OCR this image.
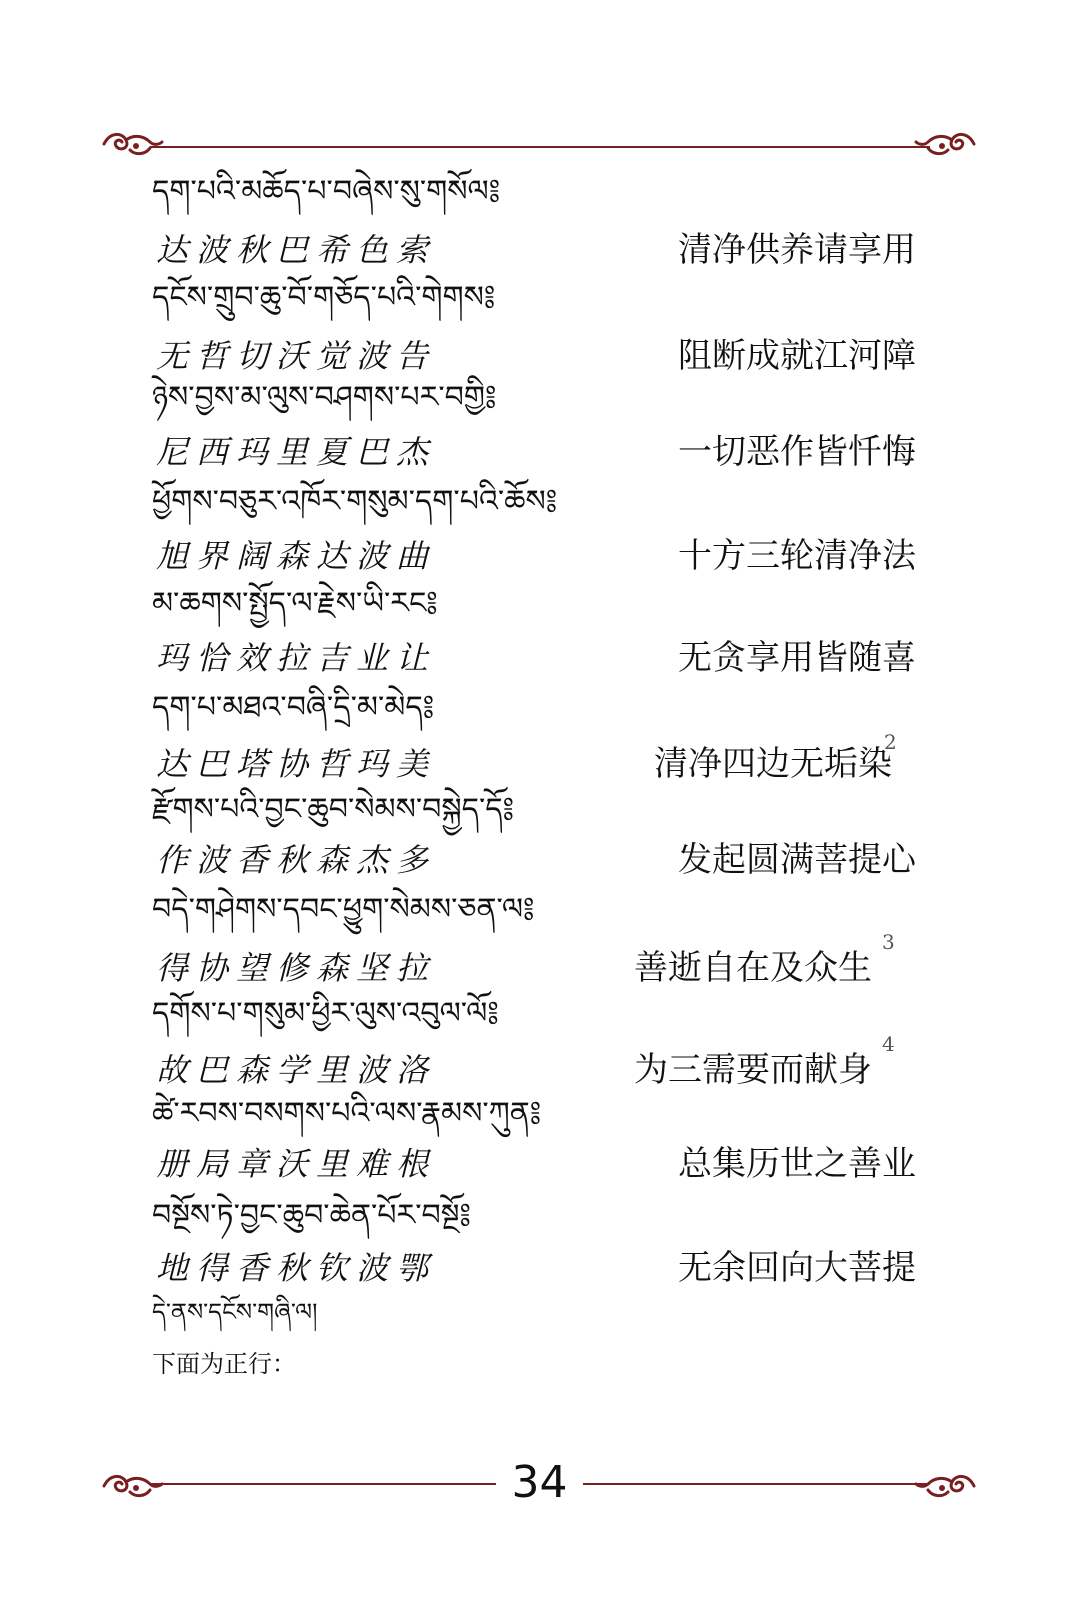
དག་པའི་མཆོད་པ་བཞེས་སུ་གསོལ༔
达波秋巴希色索	清净供养请享用
དངོས་གྲུབ་ཆུ་བོ་གཅོད་པའི་གེགས༔
无哲切沃觉波告	阻断成就江河障
ཉེས་བྱས་མ་ལུས་བཤགས་པར་བགྱི༔
尼西玛里夏巴杰	一切恶作皆忏悔
ཕྱོགས་བཅུར་འཁོར་གསུམ་དག་པའི་ཆོས༔
旭界阔森达波曲	十方三轮清净法
མ་ཆགས་སྤྱོད་ལ་རྗེས་ཡི་རང༔
玛恰效拉吉业让	无贪享用皆随喜
དག་པ་མཐའ་བཞི་དྲི་མ་མེད༔
达巴塔协哲玛美	清净四边无垢染
2
རྫོགས་པའི་བྱང་ཆུབ་སེམས་བསྐྱེད་དོ༔
作波香秋森杰多	发起圆满菩提心
བདེ་གཤེགས་དབང་ཕྱུག་སེམས་ཅན་ལ༔
得协望修森坚拉	善逝自在及众生
3
དགོས་པ་གསུམ་ཕྱིར་ལུས་འབུལ་ལོ༔
故巴森学里波洛	为三需要而献身
4
ཚེ་རབས་བསགས་པའི་ལས་རྣམས་ཀུན༔
册局章沃里难根	总集历世之善业
བསྔོས་ཏེ་བྱང་ཆུབ་ཆེན་པོར་བསྔོ༔
地得香秋钦波鄂	无余回向大菩提
དེ་ནས་དངོས་གཞི་ལ།
下面为正行：
34
